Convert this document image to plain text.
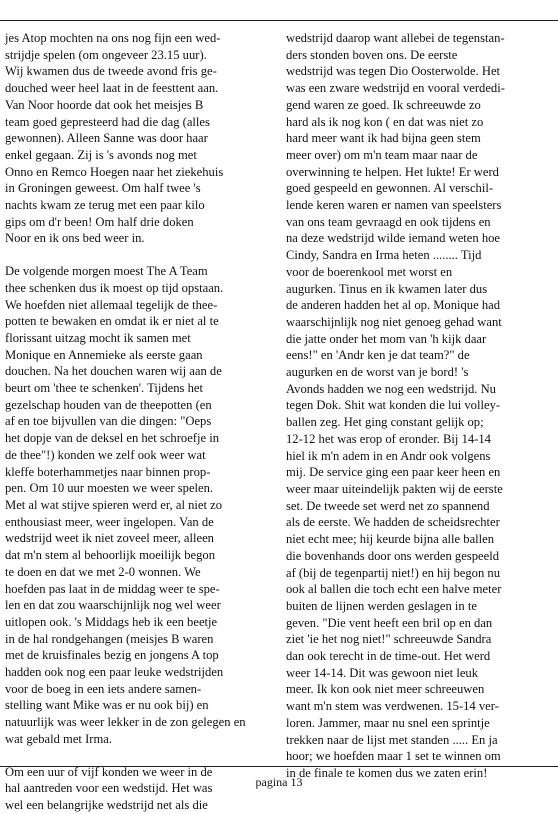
jes Atop mochten na ons nog fijn een wed-
strijdje spelen (om ongeveer 23.15 uur).
Wij kwamen dus de tweede avond fris ge-
douched weer heel laat in de feesttent aan.
Van Noor hoorde dat ook het meisjes B
team goed gepresteerd had die dag (alles
gewonnen). Alleen Sanne was door haar
enkel gegaan. Zij is 's avonds nog met
Onno en Remco Hoegen naar het ziekehuis
in Groningen geweest. Om half twee 's
nachts kwam ze terug met een paar kilo
gips om d'r been! Om half drie doken
Noor en ik ons bed weer in.

De volgende morgen moest The A Team
thee schenken dus ik moest op tijd opstaan.
We hoefden niet allemaal tegelijk de thee-
potten te bewaken en omdat ik er niet al te
florissant uitzag mocht ik samen met
Monique en Annemieke als eerste gaan
douchen. Na het douchen waren wij aan de
beurt om 'thee te schenken'. Tijdens het
gezelschap houden van de theepotten (en
af en toe bijvullen van die dingen: "Oeps
het dopje van de deksel en het schroefje in
de thee"!) konden we zelf ook weer wat
kleffe boterhammetjes naar binnen prop-
pen. Om 10 uur moesten we weer spelen.
Met al wat stijve spieren werd er, al niet zo
enthousiast meer, weer ingelopen. Van de
wedstrijd weet ik niet zoveel meer, alleen
dat m'n stem al behoorlijk moeilijk begon
te doen en dat we met 2-0 wonnen. We
hoefden pas laat in de middag weer te spe-
len en dat zou waarschijnlijk nog wel weer
uitlopen ook. 's Middags heb ik een beetje
in de hal rondgehangen (meisjes B waren
met de kruisfinales bezig en jongens A top
hadden ook nog een paar leuke wedstrijden
voor de boeg in een iets andere samen-
stelling want Mike was er nu ook bij) en
natuurlijk was weer lekker in de zon gelegen en
wat gebald met Irma.

Om een uur of vijf konden we weer in de
hal aantreden voor een wedstijd. Het was
wel een belangrijke wedstrijd net als die

wedstrijd daarop want allebei de tegenstan-
ders stonden boven ons. De eerste
wedstrijd was tegen Dio Oosterwolde. Het
was een zware wedstrijd en vooral verdedi-
gend waren ze goed. Ik schreeuwde zo
hard als ik nog kon ( en dat was niet zo
hard meer want ik had bijna geen stem
meer over) om m'n team maar naar de
overwinning te helpen. Het lukte! Er werd
goed gespeeld en gewonnen. Al verschil-
lende keren waren er namen van speelsters
van ons team gevraagd en ook tijdens en
na deze wedstrijd wilde iemand weten hoe
Cindy, Sandra en Irma heten ........ Tijd
voor de boerenkool met worst en
augurken. Tinus en ik kwamen later dus
de anderen hadden het al op. Monique had
waarschijnlijk nog niet genoeg gehad want
die jatte onder het mom van 'h kijk daar
eens!" en 'Andr ken je dat team?" de
augurken en de worst van je bord! 's
Avonds hadden we nog een wedstrijd. Nu
tegen Dok. Shit wat konden die lui volley-
ballen zeg. Het ging constant gelijk op;
12-12 het was erop of eronder. Bij 14-14
hiel ik m'n adem in en Andr ook volgens
mij. De service ging een paar keer heen en
weer maar uiteindelijk pakten wij de eerste
set. De tweede set werd net zo spannend
als de eerste. We hadden de scheidsrechter
niet echt mee; hij keurde bijna alle ballen
die bovenhands door ons werden gespeeld
af (bij de tegenpartij niet!) en hij begon nu
ook al ballen die toch echt een halve meter
buiten de lijnen werden geslagen in te
geven. "Die vent heeft een bril op en dan
ziet 'ie het nog niet!" schreeuwde Sandra
dan ook terecht in de time-out. Het werd
weer 14-14. Dit was gewoon niet leuk
meer. Ik kon ook niet meer schreeuwen
want m'n stem was verdwenen. 15-14 ver-
loren. Jammer, maar nu snel een sprintje
trekken naar de lijst met standen ..... En ja
hoor; we hoefden maar 1 set te winnen om
in de finale te komen dus we zaten erin!

pagina 13
